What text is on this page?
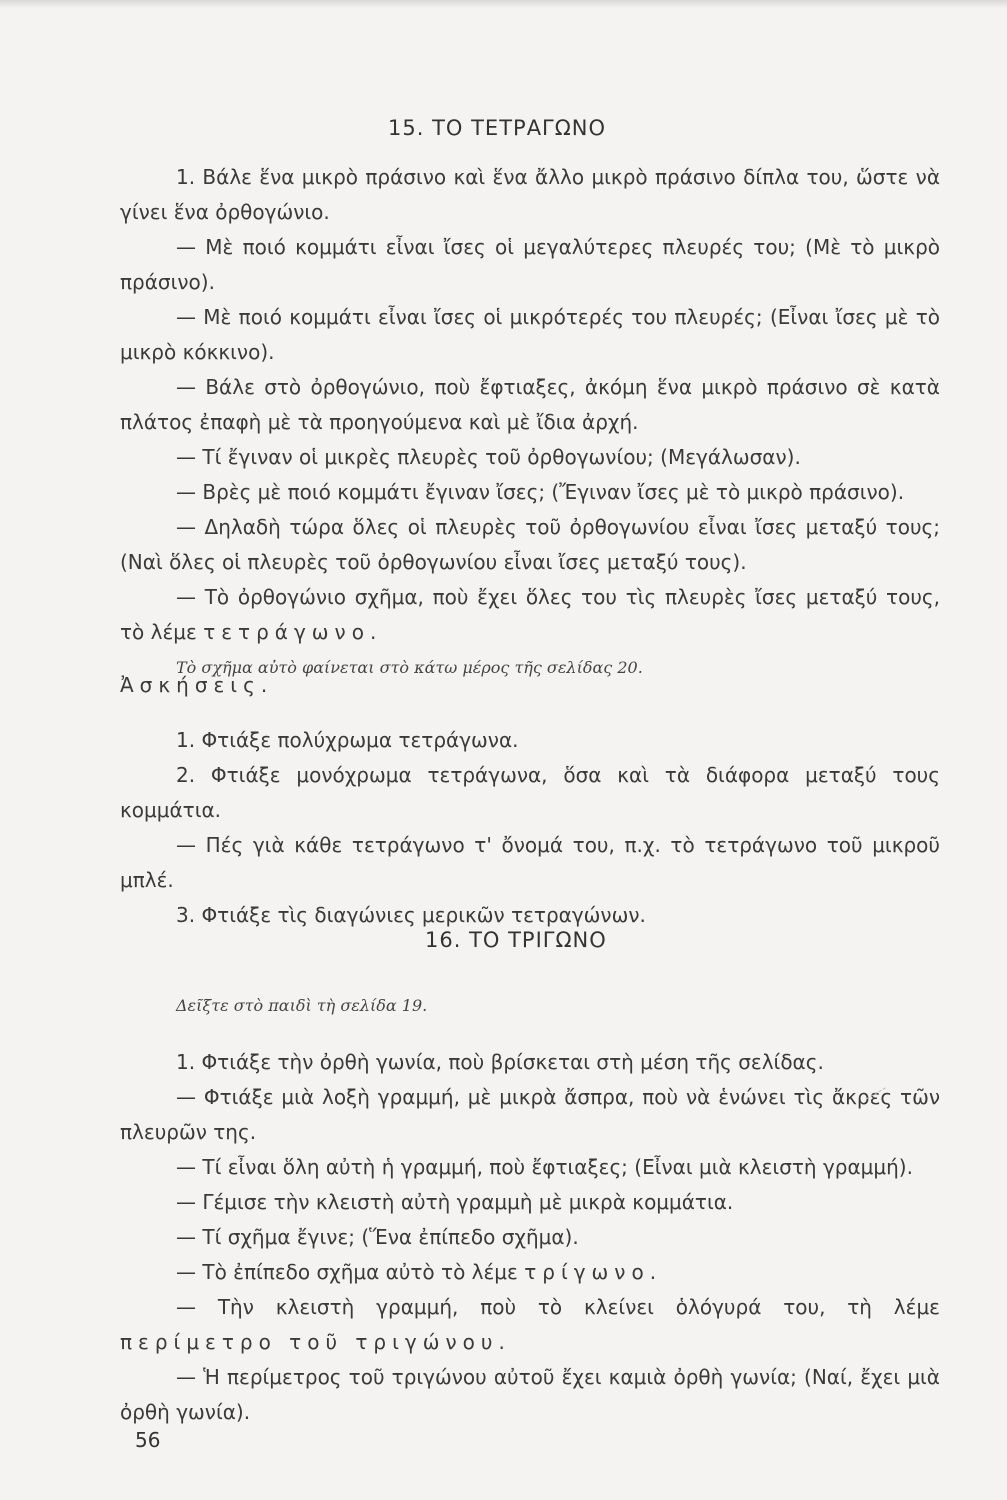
15. ΤΟ ΤΕΤΡΑΓΩΝΟ

1. Βάλε ἕνα μικρὸ πράσινο καὶ ἕνα ἄλλο μικρὸ πράσινο δίπλα του, ὥστε νὰ γίνει ἕνα ὀρθογώνιο.

— Μὲ ποιό κομμάτι εἶναι ἴσες οἱ μεγαλύτερες πλευρές του; (Μὲ τὸ μικρὸ πράσινο).

— Μὲ ποιό κομμάτι εἶναι ἴσες οἱ μικρότερές του πλευρές; (Εἶναι ἴσες μὲ τὸ μικρὸ κόκκινο).

— Βάλε στὸ ὀρθογώνιο, ποὺ ἔφτιαξες, ἀκόμη ἕνα μικρὸ πράσινο σὲ κατὰ πλάτος ἐπαφὴ μὲ τὰ προηγούμενα καὶ μὲ ἴδια ἀρχή.

— Τί ἔγιναν οἱ μικρὲς πλευρὲς τοῦ ὀρθογωνίου; (Μεγάλωσαν).

— Βρὲς μὲ ποιό κομμάτι ἔγιναν ἴσες; (Ἔγιναν ἴσες μὲ τὸ μικρὸ πράσινο).

— Δηλαδὴ τώρα ὅλες οἱ πλευρὲς τοῦ ὀρθογωνίου εἶναι ἴσες μεταξύ τους; (Ναὶ ὅλες οἱ πλευρὲς τοῦ ὀρθογωνίου εἶναι ἴσες μεταξύ τους).

— Τὸ ὀρθογώνιο σχῆμα, ποὺ ἔχει ὅλες του τὶς πλευρὲς ἴσες μεταξύ τους, τὸ λέμε τετράγωνο.

Τὸ σχῆμα αὐτὸ φαίνεται στὸ κάτω μέρος τῆς σελίδας 20.

Ἀσκήσεις.

1. Φτιάξε πολύχρωμα τετράγωνα.

2. Φτιάξε μονόχρωμα τετράγωνα, ὅσα καὶ τὰ διάφορα μεταξύ τους κομμάτια.

— Πές γιὰ κάθε τετράγωνο τ' ὄνομά του, π.χ. τὸ τετράγωνο τοῦ μικροῦ μπλέ.

3. Φτιάξε τὶς διαγώνιες μερικῶν τετραγώνων.

16. ΤΟ ΤΡΙΓΩΝΟ

Δεῖξτε στὸ παιδὶ τὴ σελίδα 19.

1. Φτιάξε τὴν ὀρθὴ γωνία, ποὺ βρίσκεται στὴ μέση τῆς σελίδας.

— Φτιάξε μιὰ λοξὴ γραμμή, μὲ μικρὰ ἄσπρα, ποὺ νὰ ἑνώνει τὶς ἄκρες τῶν πλευρῶν της.

— Τί εἶναι ὅλη αὐτὴ ἡ γραμμή, ποὺ ἔφτιαξες; (Εἶναι μιὰ κλειστὴ γραμμή).

— Γέμισε τὴν κλειστὴ αὐτὴ γραμμὴ μὲ μικρὰ κομμάτια.

— Τί σχῆμα ἔγινε; (Ἕνα ἐπίπεδο σχῆμα).

— Τὸ ἐπίπεδο σχῆμα αὐτὸ τὸ λέμε τρίγωνο.

— Τὴν κλειστὴ γραμμή, ποὺ τὸ κλείνει ὁλόγυρά του, τὴ λέμε περίμετρο τοῦ τριγώνου.

— Ἡ περίμετρος τοῦ τριγώνου αὐτοῦ ἔχει καμιὰ ὀρθὴ γωνία; (Ναί, ἔχει μιὰ ὀρθὴ γωνία).

56
